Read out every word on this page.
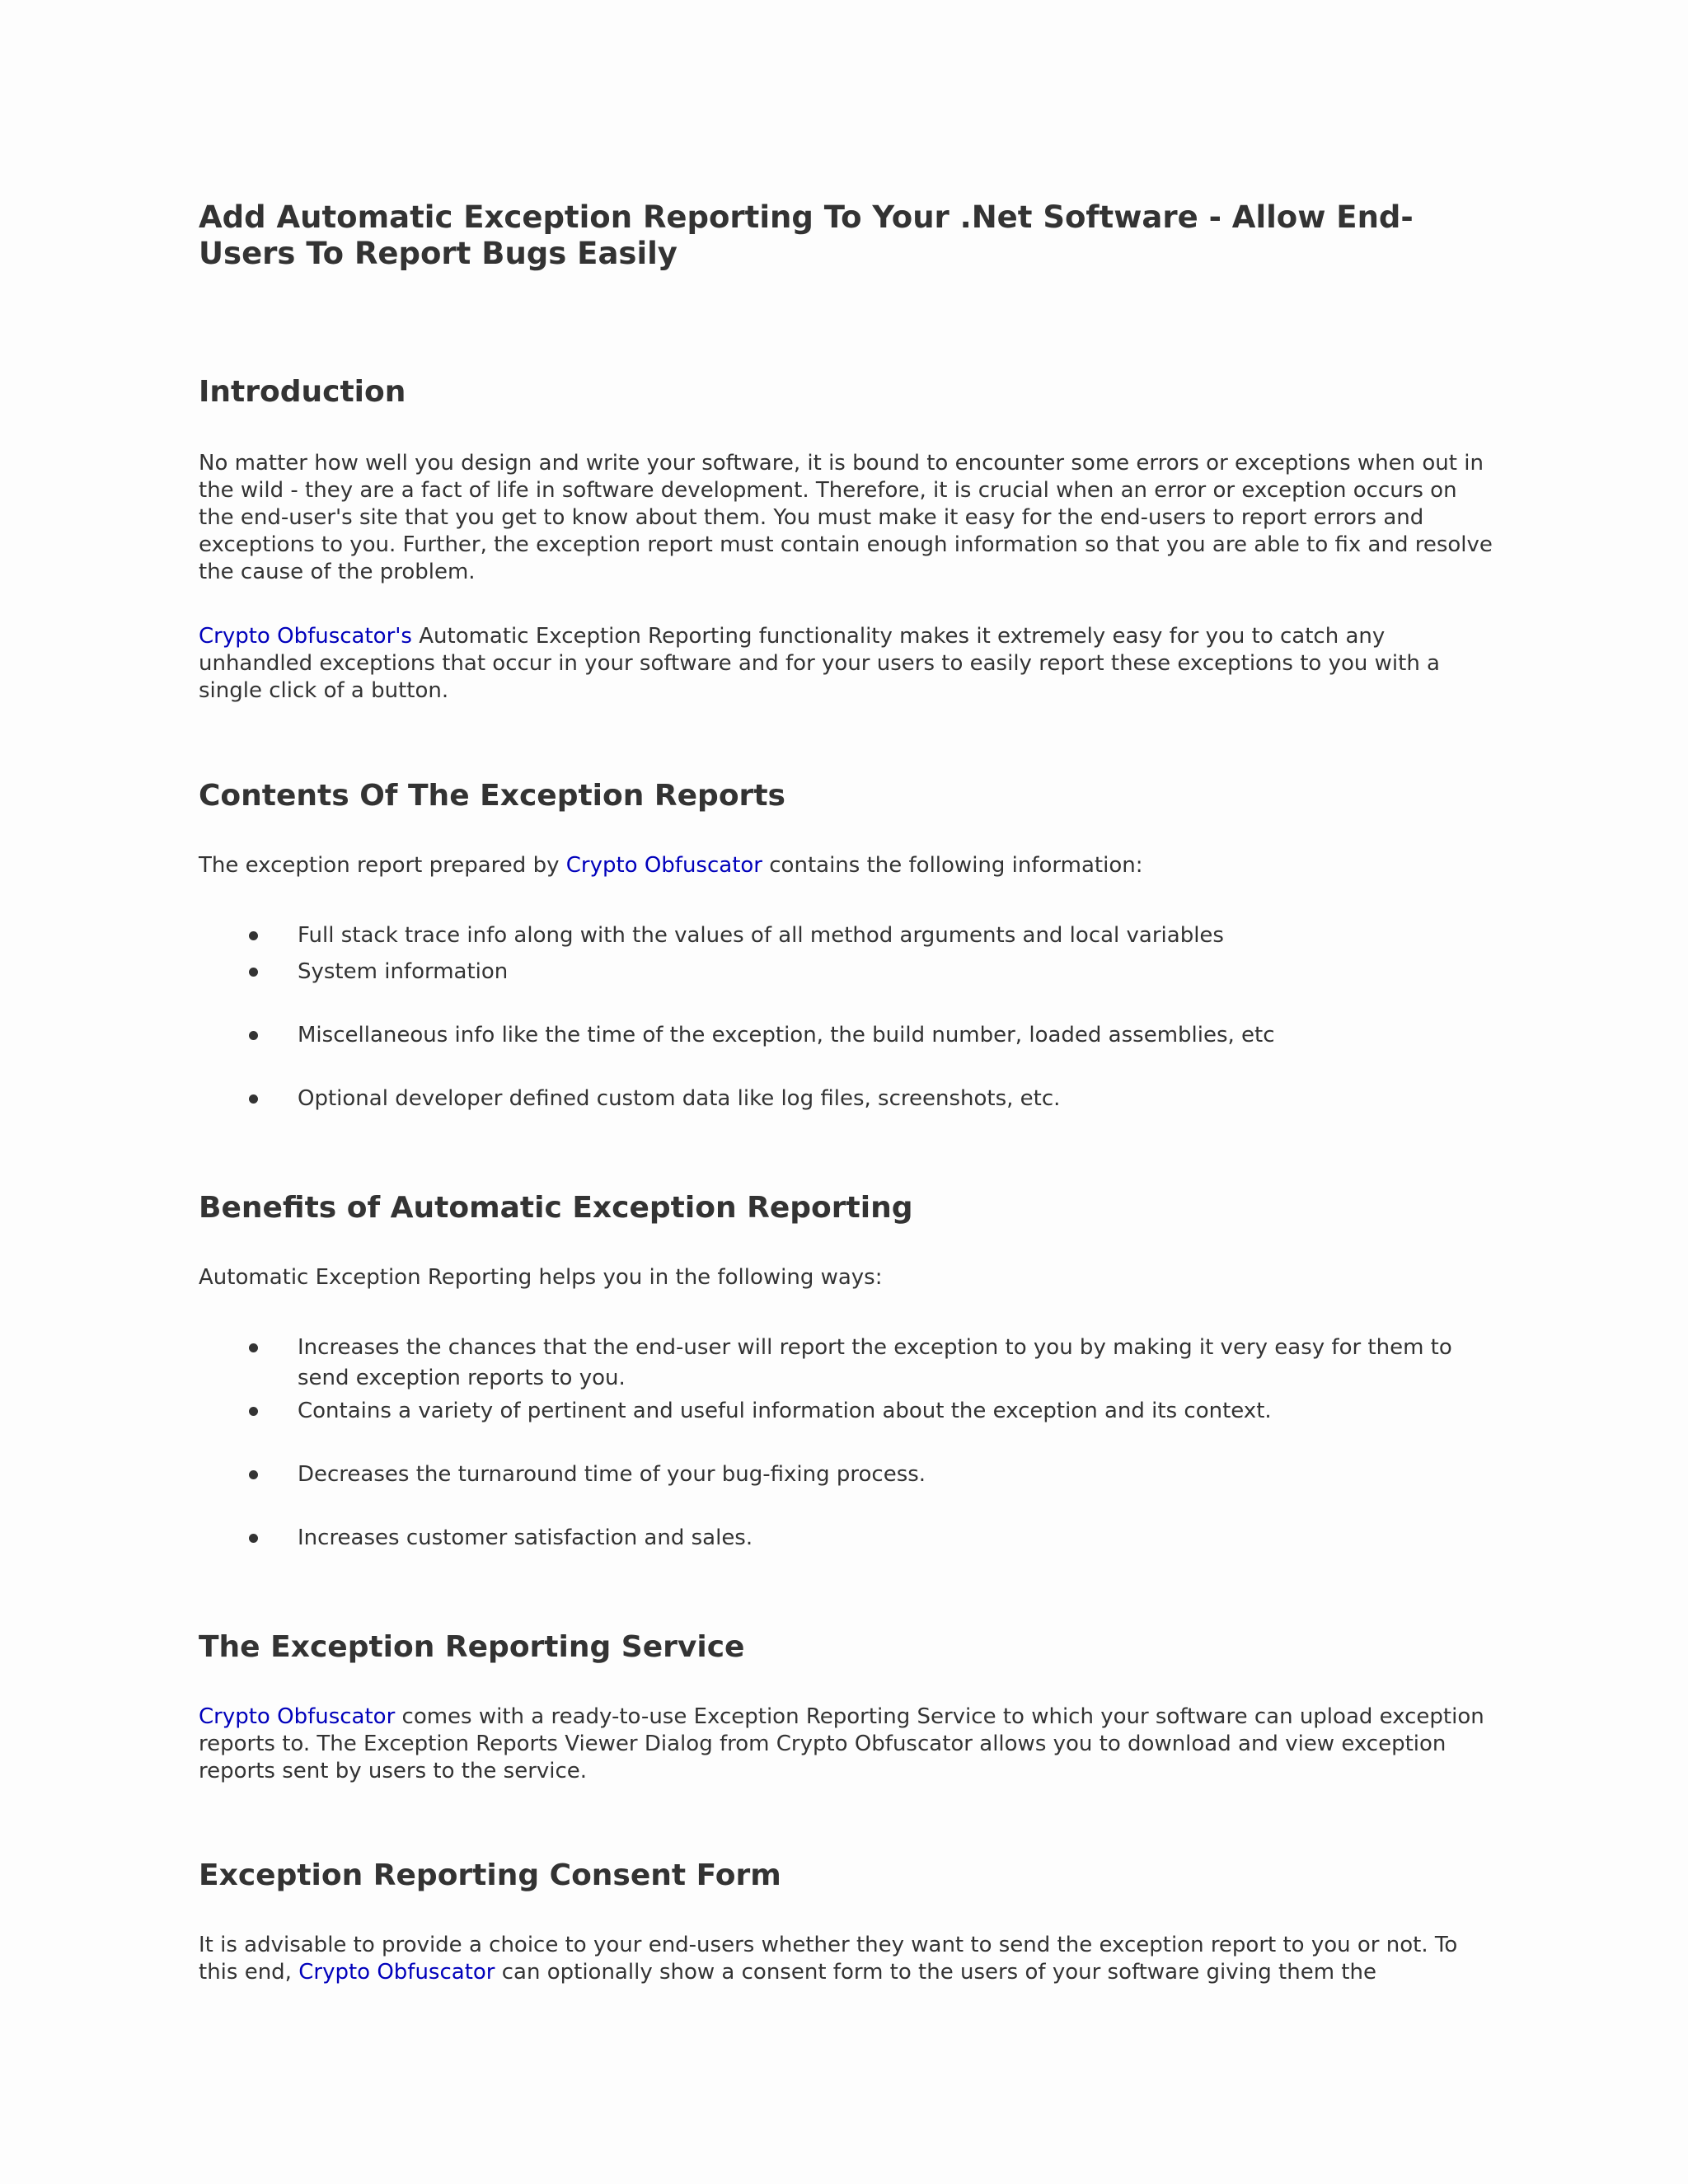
Add Automatic Exception Reporting To Your .Net Software - Allow End-Users To Report Bugs Easily
Introduction

No matter how well you design and write your software, it is bound to encounter some errors or exceptions when out in the wild - they are a fact of life in software development. Therefore, it is crucial when an error or exception occurs on the end-user's site that you get to know about them. You must make it easy for the end-users to report errors and exceptions to you. Further, the exception report must contain enough information so that you are able to fix and resolve the cause of the problem.

Crypto Obfuscator's Automatic Exception Reporting functionality makes it extremely easy for you to catch any unhandled exceptions that occur in your software and for your users to easily report these exceptions to you with a single click of a button.

Contents Of The Exception Reports

The exception report prepared by Crypto Obfuscator contains the following information:

Full stack trace info along with the values of all method arguments and local variables
System information
Miscellaneous info like the time of the exception, the build number, loaded assemblies, etc
Optional developer defined custom data like log files, screenshots, etc.
Benefits of Automatic Exception Reporting

Automatic Exception Reporting helps you in the following ways:

Increases the chances that the end-user will report the exception to you by making it very easy for them to send exception reports to you.
Contains a variety of pertinent and useful information about the exception and its context.
Decreases the turnaround time of your bug-fixing process.
Increases customer satisfaction and sales.
The Exception Reporting Service

Crypto Obfuscator comes with a ready-to-use Exception Reporting Service to which your software can upload exception reports to. The Exception Reports Viewer Dialog from Crypto Obfuscator allows you to download and view exception reports sent by users to the service.

Exception Reporting Consent Form

It is advisable to provide a choice to your end-users whether they want to send the exception report to you or not. To this end, Crypto Obfuscator can optionally show a consent form to the users of your software giving them the
